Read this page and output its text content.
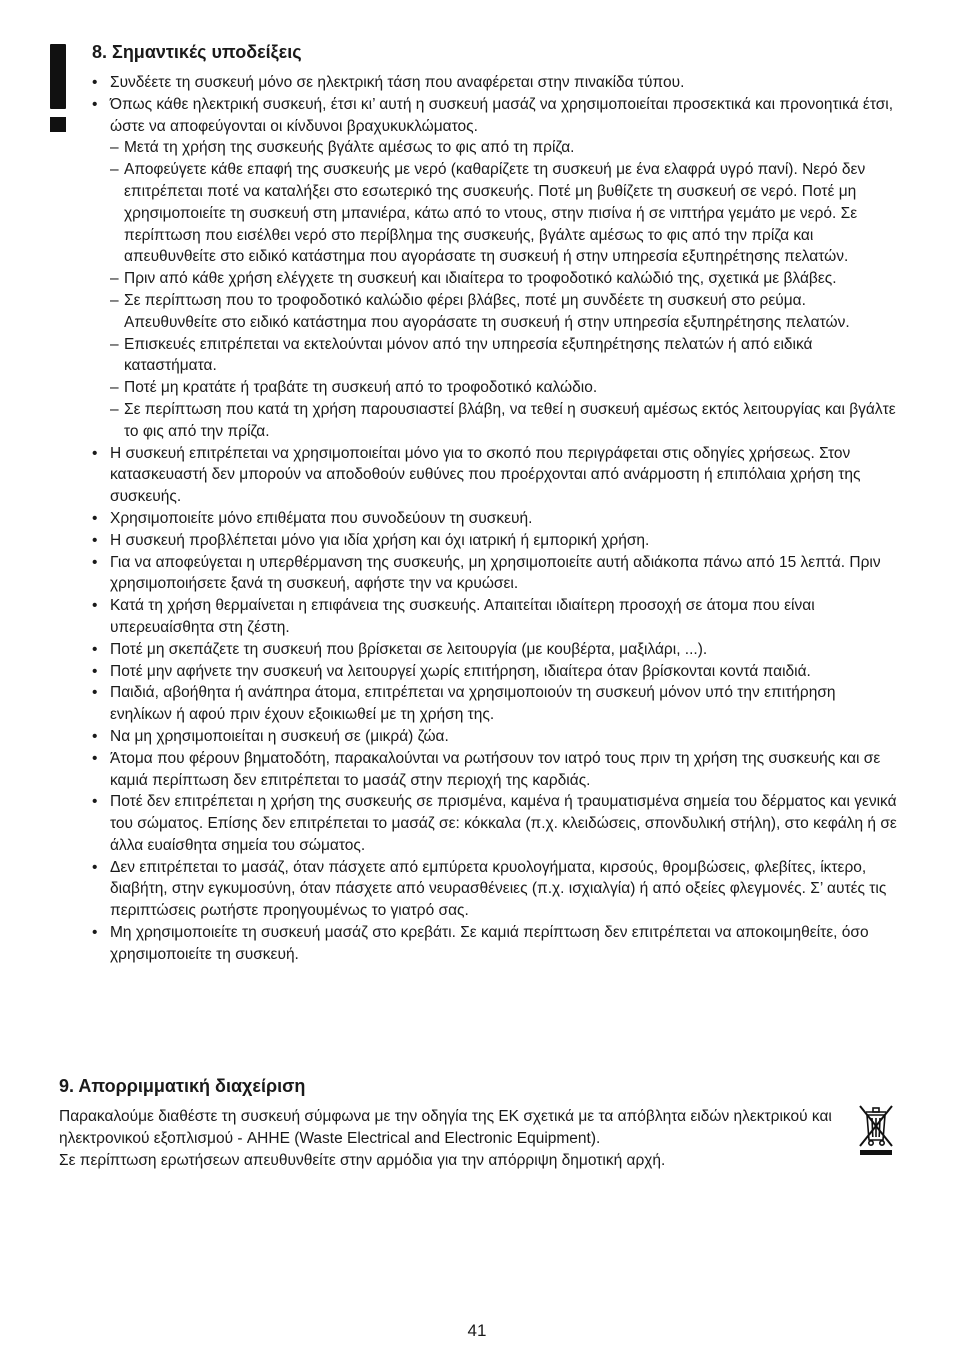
8. Σημαντικές υποδείξεις
• Συνδέετε τη συσκευή μόνο σε ηλεκτρική τάση που αναφέρεται στην πινακίδα τύπου.
• Όπως κάθε ηλεκτρική συσκευή, έτσι κι’ αυτή η συσκευή μασάζ να χρησιμοποιείται προσεκτικά και προνοητικά έτσι, ώστε να αποφεύγονται οι κίνδυνοι βραχυκυκλώματος.
– Μετά τη χρήση της συσκευής βγάλτε αμέσως το φις από τη πρίζα.
– Αποφεύγετε κάθε επαφή της συσκευής με νερό (καθαρίζετε τη συσκευή με ένα ελαφρά υγρό πανί). Νερό δεν επιτρέπεται ποτέ να καταλήξει στο εσωτερικό της συσκευής. Ποτέ μη βυθίζετε τη συσκευή σε νερό. Ποτέ μη χρησιμοποιείτε τη συσκευή στη μπανιέρα, κάτω από το ντους, στην πισίνα ή σε νιπτήρα γεμάτο με νερό. Σε περίπτωση που εισέλθει νερό στο περίβλημα της συσκευής, βγάλτε αμέσως το φις από την πρίζα και απευθυνθείτε στο ειδικό κατάστημα που αγοράσατε τη συσκευή ή στην υπηρεσία εξυπηρέτησης πελατών.
– Πριν από κάθε χρήση ελέγχετε τη συσκευή και ιδιαίτερα το τροφοδοτικό καλώδιό της, σχετικά με βλάβες.
– Σε περίπτωση που το τροφοδοτικό καλώδιο φέρει βλάβες, ποτέ μη συνδέετε τη συσκευή στο ρεύμα. Απευθυνθείτε στο ειδικό κατάστημα που αγοράσατε τη συσκευή ή στην υπηρεσία εξυπηρέτησης πελατών.
– Επισκευές επιτρέπεται να εκτελούνται μόνον από την υπηρεσία εξυπηρέτησης πελατών ή από ειδικά καταστήματα.
– Ποτέ μη κρατάτε ή τραβάτε τη συσκευή από το τροφοδοτικό καλώδιο.
– Σε περίπτωση που κατά τη χρήση παρουσιαστεί βλάβη, να τεθεί η συσκευή αμέσως εκτός λειτουργίας και βγάλτε το φις από την πρίζα.
• Η συσκευή επιτρέπεται να χρησιμοποιείται μόνο για το σκοπό που περιγράφεται στις οδηγίες χρήσεως. Στον κατασκευαστή δεν μπορούν να αποδοθούν ευθύνες που προέρχονται από ανάρμοστη ή επιπόλαια χρήση της συσκευής.
• Χρησιμοποιείτε μόνο επιθέματα που συνοδεύουν τη συσκευή.
• Η συσκευή προβλέπεται μόνο για ιδία χρήση και όχι ιατρική ή εμπορική χρήση.
• Για να αποφεύγεται η υπερθέρμανση της συσκευής, μη χρησιμοποιείτε αυτή αδιάκοπα πάνω από 15 λεπτά. Πριν χρησιμοποιήσετε ξανά τη συσκευή, αφήστε την να κρυώσει.
• Κατά τη χρήση θερμαίνεται η επιφάνεια της συσκευής. Απαιτείται ιδιαίτερη προσοχή σε άτομα που είναι υπερευαίσθητα στη ζέστη.
• Ποτέ μη σκεπάζετε τη συσκευή που βρίσκεται σε λειτουργία (με κουβέρτα, μαξιλάρι, ...).
• Ποτέ μην αφήνετε την συσκευή να λειτουργεί χωρίς επιτήρηση, ιδιαίτερα όταν βρίσκονται κοντά παιδιά.
• Παιδιά, αβοήθητα ή ανάπηρα άτομα, επιτρέπεται να χρησιμοποιούν τη συσκευή μόνον υπό την επιτήρηση ενηλίκων ή αφού πριν έχουν εξοικιωθεί με τη χρήση της.
• Να μη χρησιμοποιείται η συσκευή σε (μικρά) ζώα.
• Άτομα που φέρουν βηματοδότη, παρακαλούνται να ρωτήσουν τον ιατρό τους πριν τη χρήση της συσκευής και σε καμιά περίπτωση δεν επιτρέπεται το μασάζ στην περιοχή της καρδιάς.
• Ποτέ δεν επιτρέπεται η χρήση της συσκευής σε πρισμένα, καμένα ή τραυματισμένα σημεία του δέρματος και γενικά του σώματος. Επίσης δεν επιτρέπεται το μασάζ σε: κόκκαλα (π.χ. κλειδώσεις, σπονδυλική στήλη), στο κεφάλη ή σε άλλα ευαίσθητα σημεία του σώματος.
• Δεν επιτρέπεται το μασάζ, όταν πάσχετε από εμπύρετα κρυολογήματα, κιρσούς, θρομβώσεις, φλεβίτες, ίκτερο, διαβήτη, στην εγκυμοσύνη, όταν πάσχετε από νευρασθένειες (π.χ. ισχιαλγία) ή από οξείες φλεγμονές. Σ’ αυτές τις περιπτώσεις ρωτήστε προηγουμένως το γιατρό σας.
• Μη χρησιμοποιείτε τη συσκευή μασάζ στο κρεβάτι. Σε καμιά περίπτωση δεν επιτρέπεται να αποκοιμηθείτε, όσο χρησιμοποιείτε τη συσκευή.
9. Απορριμματική διαχείριση

Παρακαλούμε διαθέστε τη συσκευή σύμφωνα με την οδηγία της ΕΚ σχετικά με τα απόβλητα ειδών ηλεκτρικού και ηλεκτρονικού εξοπλισμού - AHHE (Waste Electrical and Electronic Equipment).

Σε περίπτωση ερωτήσεων απευθυνθείτε στην αρμόδια για την απόρριψη δημοτική αρχή.

41
